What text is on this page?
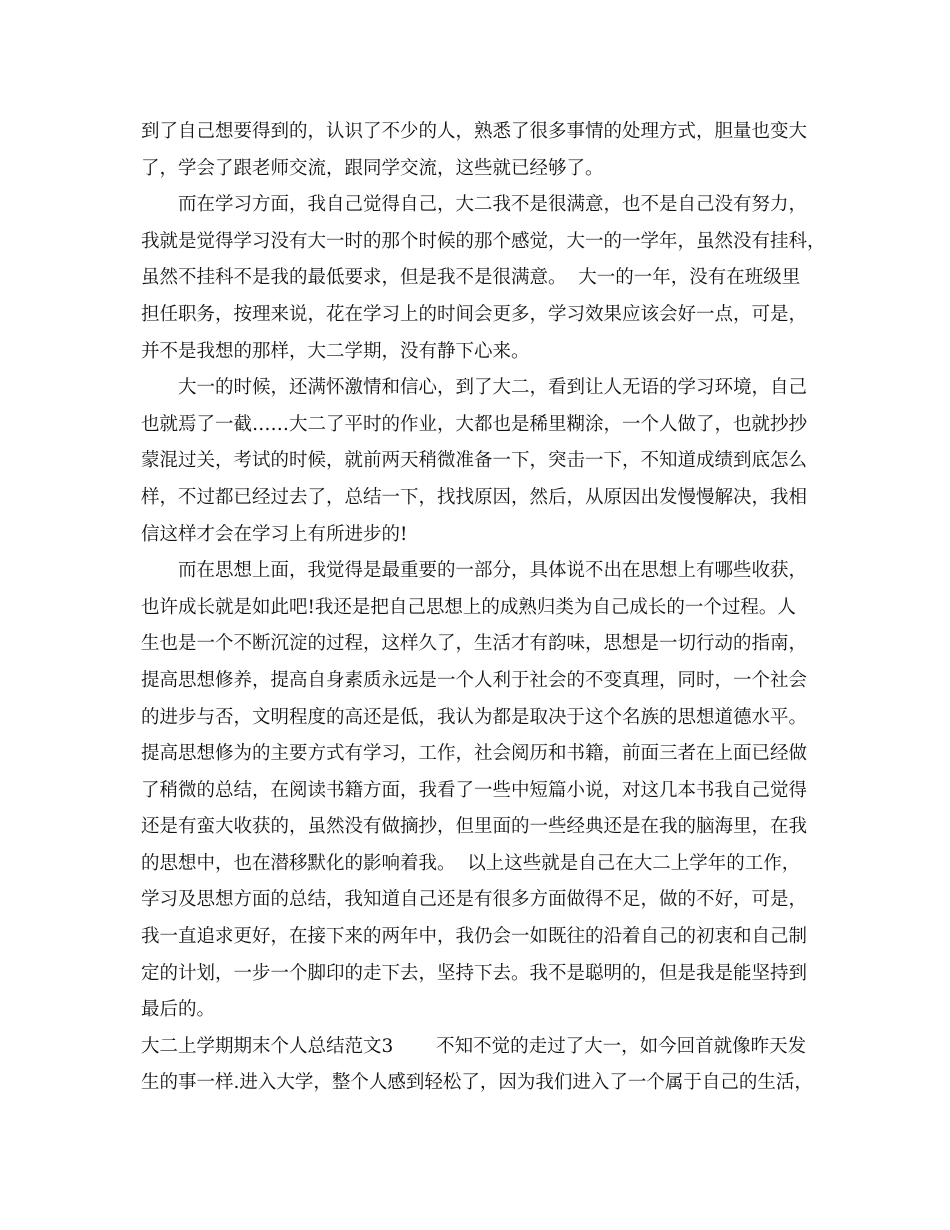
到了自己想要得到的，认识了不少的人，熟悉了很多事情的处理方式，胆量也变大
了，学会了跟老师交流，跟同学交流，这些就已经够了。
　　而在学习方面，我自己觉得自己，大二我不是很满意，也不是自己没有努力，
我就是觉得学习没有大一时的那个时候的那个感觉，大一的一学年，虽然没有挂科，
虽然不挂科不是我的最低要求，但是我不是很满意。  大一的一年，没有在班级里
担任职务，按理来说，花在学习上的时间会更多，学习效果应该会好一点，可是，
并不是我想的那样，大二学期，没有静下心来。
　　大一的时候，还满怀激情和信心，到了大二，看到让人无语的学习环境，自己
也就焉了一截……大二了平时的作业，大都也是稀里糊涂，一个人做了，也就抄抄
蒙混过关，考试的时候，就前两天稍微准备一下，突击一下，不知道成绩到底怎么
样，不过都已经过去了，总结一下，找找原因，然后，从原因出发慢慢解决，我相
信这样才会在学习上有所进步的!
　　而在思想上面，我觉得是最重要的一部分，具体说不出在思想上有哪些收获，
也许成长就是如此吧!我还是把自己思想上的成熟归类为自己成长的一个过程。人
生也是一个不断沉淀的过程，这样久了，生活才有韵味，思想是一切行动的指南，
提高思想修养，提高自身素质永远是一个人利于社会的不变真理，同时，一个社会
的进步与否，文明程度的高还是低，我认为都是取决于这个名族的思想道德水平。
提高思想修为的主要方式有学习，工作，社会阅历和书籍，前面三者在上面已经做
了稍微的总结，在阅读书籍方面，我看了一些中短篇小说，对这几本书我自己觉得
还是有蛮大收获的，虽然没有做摘抄，但里面的一些经典还是在我的脑海里，在我
的思想中，也在潜移默化的影响着我。  以上这些就是自己在大二上学年的工作，
学习及思想方面的总结，我知道自己还是有很多方面做得不足，做的不好，可是，
我一直追求更好，在接下来的两年中，我仍会一如既往的沿着自己的初衷和自己制
定的计划，一步一个脚印的走下去，坚持下去。我不是聪明的，但是我是能坚持到
最后的。
大二上学期期末个人总结范文3　　 不知不觉的走过了大一，如今回首就像昨天发
生的事一样.进入大学，整个人感到轻松了，因为我们进入了一个属于自己的生活，
